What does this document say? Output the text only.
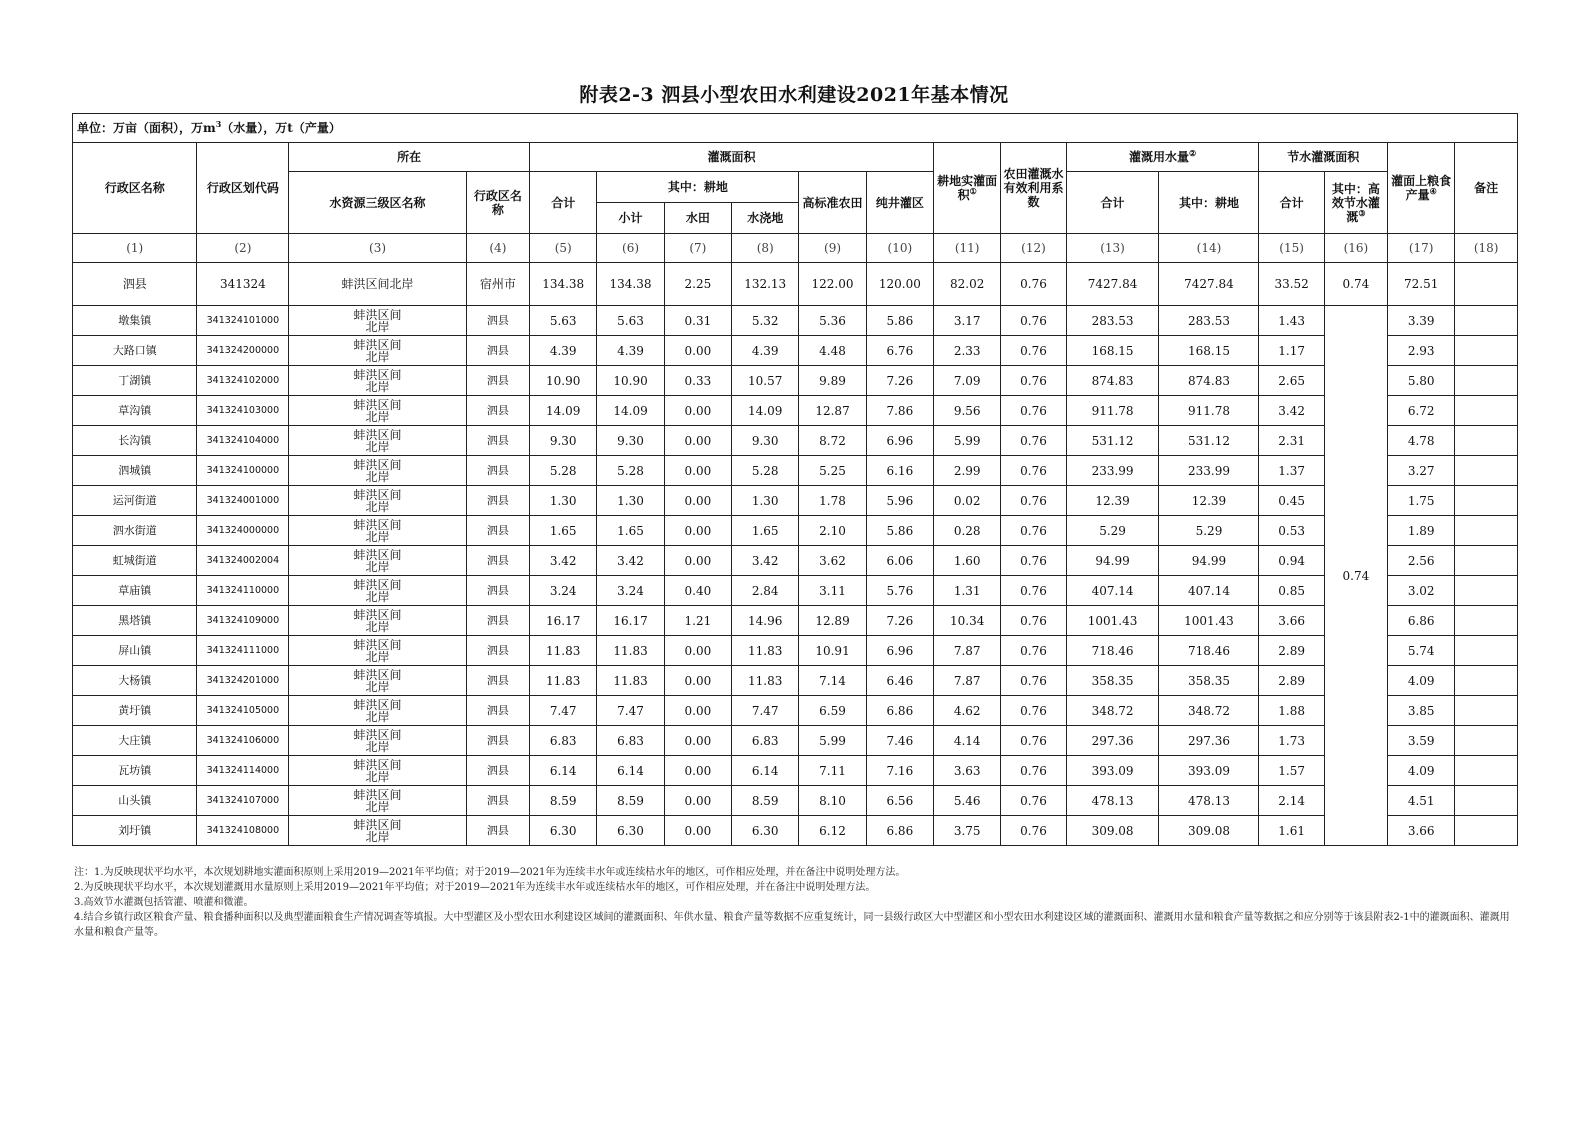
附表2-3 泗县小型农田水利建设2021年基本情况
单位：万亩（面积），万$m^3$（水量），万t（产量）																	
行政区名称	行政区划代码	所在		灌溉面积						耕地实灌面积①	农田灌溉水有效利用系数	灌溉用水量②		节水灌溉面积		灌面上粮食产量④	备注
		水资源三级区名称	行政区名称	合计	其中：耕地			高标准农田	纯井灌区			合计	其中：耕地	合计	其中：高效节水灌溉③
					小计	水田	水浇地										
(1)	(2)	(3)	(4)	(5)	(6)	(7)	(8)	(9)	(10)	(11)	(12)	(13)	(14)	(15)	(16)	(17)	(18)
泗县	341324	蚌洪区间北岸	宿州市	134.38	134.38	2.25	132.13	122.00	120.00	82.02	0.76	7427.84	7427.84	33.52	0.74	72.51	
墩集镇	341324101000	蚌洪区间
北岸	泗县	5.63	5.63	0.31	5.32	5.36	5.86	3.17	0.76	283.53	283.53	1.43	0.74	3.39	
大路口镇	341324200000	蚌洪区间
北岸	泗县	4.39	4.39	0.00	4.39	4.48	6.76	2.33	0.76	168.15	168.15	1.17		2.93	
丁湖镇	341324102000	蚌洪区间
北岸	泗县	10.90	10.90	0.33	10.57	9.89	7.26	7.09	0.76	874.83	874.83	2.65		5.80	
草沟镇	341324103000	蚌洪区间
北岸	泗县	14.09	14.09	0.00	14.09	12.87	7.86	9.56	0.76	911.78	911.78	3.42		6.72	
长沟镇	341324104000	蚌洪区间
北岸	泗县	9.30	9.30	0.00	9.30	8.72	6.96	5.99	0.76	531.12	531.12	2.31		4.78	
泗城镇	341324100000	蚌洪区间
北岸	泗县	5.28	5.28	0.00	5.28	5.25	6.16	2.99	0.76	233.99	233.99	1.37		3.27	
运河街道	341324001000	蚌洪区间
北岸	泗县	1.30	1.30	0.00	1.30	1.78	5.96	0.02	0.76	12.39	12.39	0.45		1.75	
泗水街道	341324000000	蚌洪区间
北岸	泗县	1.65	1.65	0.00	1.65	2.10	5.86	0.28	0.76	5.29	5.29	0.53		1.89	
虹城街道	341324002004	蚌洪区间
北岸	泗县	3.42	3.42	0.00	3.42	3.62	6.06	1.60	0.76	94.99	94.99	0.94		2.56	
草庙镇	341324110000	蚌洪区间
北岸	泗县	3.24	3.24	0.40	2.84	3.11	5.76	1.31	0.76	407.14	407.14	0.85		3.02	
黑塔镇	341324109000	蚌洪区间
北岸	泗县	16.17	16.17	1.21	14.96	12.89	7.26	10.34	0.76	1001.43	1001.43	3.66		6.86	
屏山镇	341324111000	蚌洪区间
北岸	泗县	11.83	11.83	0.00	11.83	10.91	6.96	7.87	0.76	718.46	718.46	2.89		5.74	
大杨镇	341324201000	蚌洪区间
北岸	泗县	11.83	11.83	0.00	11.83	7.14	6.46	7.87	0.76	358.35	358.35	2.89		4.09	
黄圩镇	341324105000	蚌洪区间
北岸	泗县	7.47	7.47	0.00	7.47	6.59	6.86	4.62	0.76	348.72	348.72	1.88		3.85	
大庄镇	341324106000	蚌洪区间
北岸	泗县	6.83	6.83	0.00	6.83	5.99	7.46	4.14	0.76	297.36	297.36	1.73		3.59	
瓦坊镇	341324114000	蚌洪区间
北岸	泗县	6.14	6.14	0.00	6.14	7.11	7.16	3.63	0.76	393.09	393.09	1.57		4.09	
山头镇	341324107000	蚌洪区间
北岸	泗县	8.59	8.59	0.00	8.59	8.10	6.56	5.46	0.76	478.13	478.13	2.14		4.51	
刘圩镇	341324108000	蚌洪区间
北岸	泗县	6.30	6.30	0.00	6.30	6.12	6.86	3.75	0.76	309.08	309.08	1.61		3.66	
注：1.为反映现状平均水平，本次规划耕地实灌面积原则上采用2019—2021年平均值；对于2019—2021年为连续丰水年或连续枯水年的地区，可作相应处理，并在备注中说明处理方法。
2.为反映现状平均水平，本次规划灌溉用水量原则上采用2019—2021年平均值；对于2019—2021年为连续丰水年或连续枯水年的地区，可作相应处理，并在备注中说明处理方法。
3.高效节水灌溉包括管灌、喷灌和微灌。
4.结合乡镇行政区粮食产量、粮食播种面积以及典型灌面粮食生产情况调查等填报。大中型灌区及小型农田水利建设区域间的灌溉面积、年供水量、粮食产量等数据不应重复统计，同一县级行政区大中型灌区和小型农田水利建设区域的灌溉面积、灌溉用水量和粮食产量等数据之和应分别等于该县附表2-1中的灌溉面积、灌溉用水量和粮食产量等。
